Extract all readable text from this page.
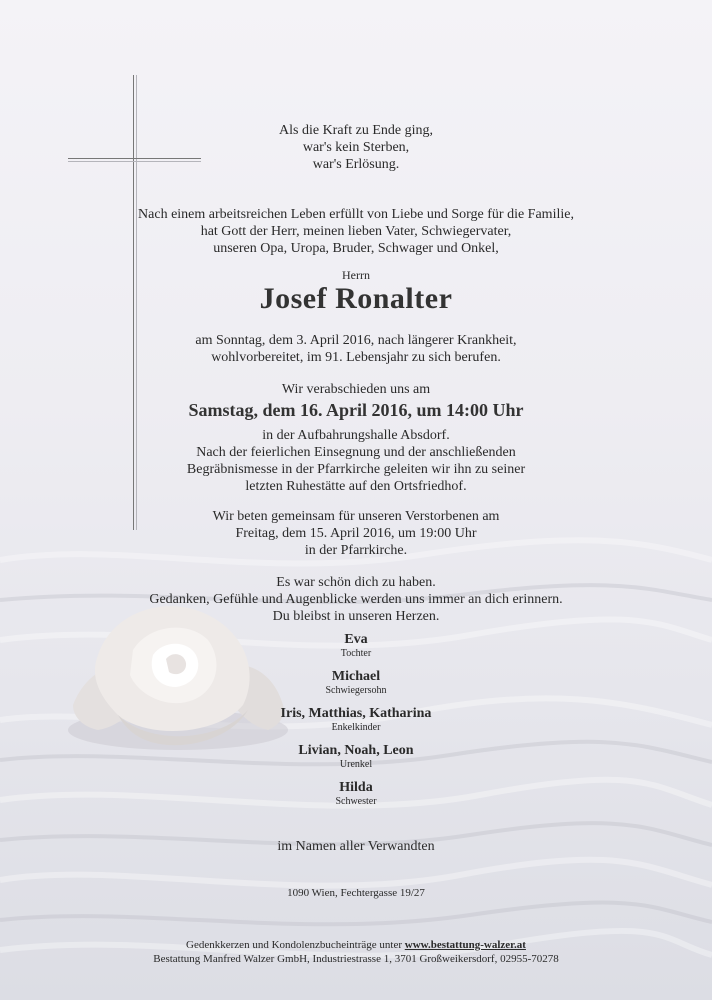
Als die Kraft zu Ende ging,
war's kein Sterben,
war's Erlösung.
Nach einem arbeitsreichen Leben erfüllt von Liebe und Sorge für die Familie,
hat Gott der Herr, meinen lieben Vater, Schwiegervater,
unseren Opa, Uropa, Bruder, Schwager und Onkel,
Herrn
Josef Ronalter
am Sonntag, dem 3. April 2016, nach längerer Krankheit,
wohlvorbereitet, im 91. Lebensjahr zu sich berufen.
Wir verabschieden uns am
Samstag, dem 16. April 2016, um 14:00 Uhr
in der Aufbahrungshalle Absdorf.
Nach der feierlichen Einsegnung und der anschließenden
Begräbnismesse in der Pfarrkirche geleiten wir ihn zu seiner
letzten Ruhestätte auf den Ortsfriedhof.
Wir beten gemeinsam für unseren Verstorbenen am
Freitag, dem 15. April 2016, um 19:00 Uhr
in der Pfarrkirche.
Es war schön dich zu haben.
Gedanken, Gefühle und Augenblicke werden uns immer an dich erinnern.
Du bleibst in unseren Herzen.
Eva
Tochter
Michael
Schwiegersohn
Iris, Matthias, Katharina
Enkelkinder
Livian, Noah, Leon
Urenkel
Hilda
Schwester
im Namen aller Verwandten
1090 Wien, Fechtergasse 19/27
Gedenkkerzen und Kondolenzbucheinträge unter www.bestattung-walzer.at
Bestattung Manfred Walzer GmbH, Industriestrasse 1, 3701 Großweikersdorf, 02955-70278
